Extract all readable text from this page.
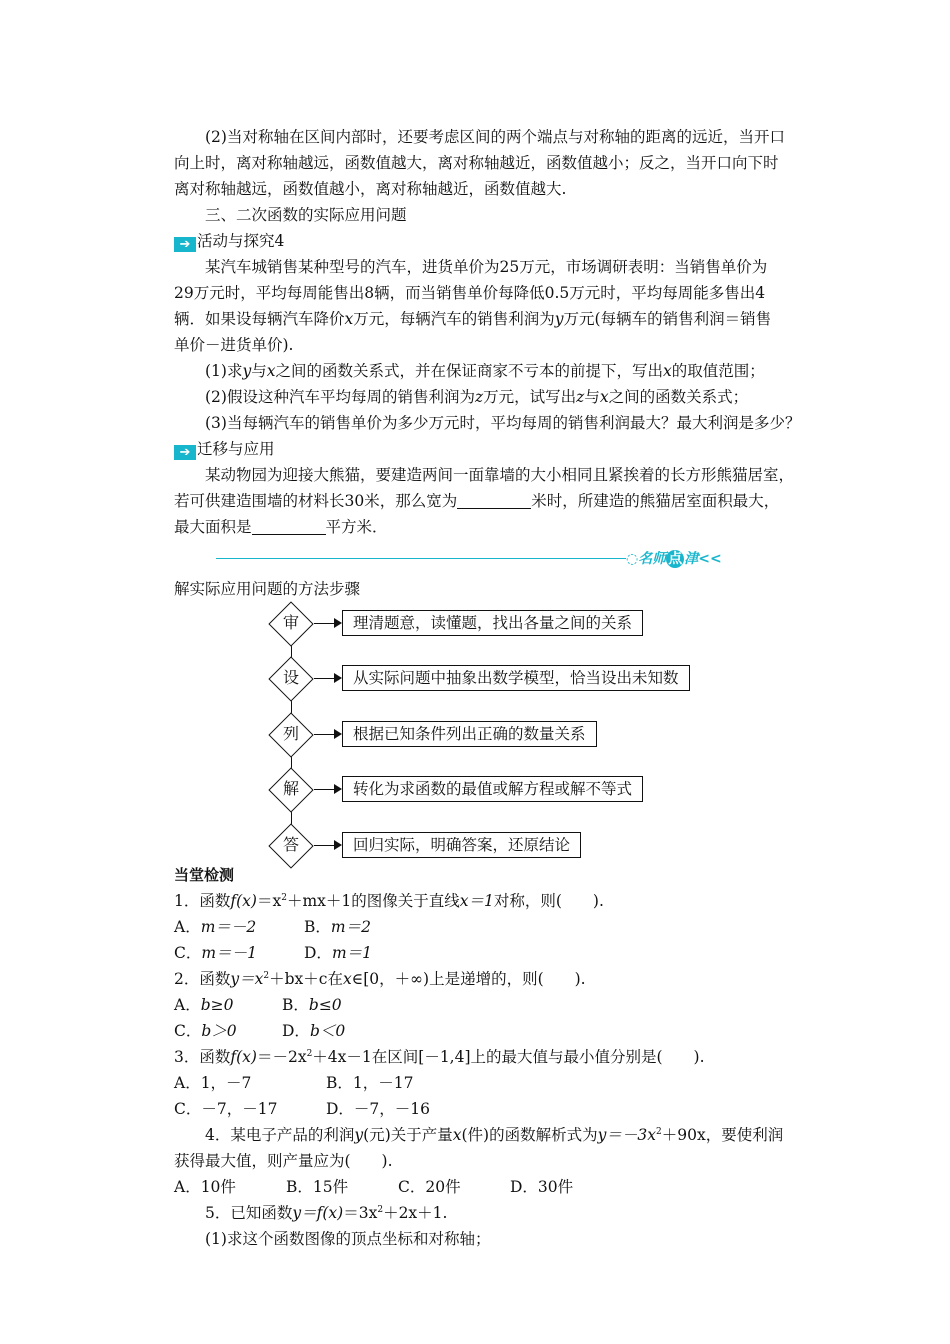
(2)当对称轴在区间内部时，还要考虑区间的两个端点与对称轴的距离的远近，当开口
向上时，离对称轴越远，函数值越大，离对称轴越近，函数值越小；反之，当开口向下时
离对称轴越远，函数值越小，离对称轴越近，函数值越大.
三、二次函数的实际应用问题
➔ 活动与探究4
某汽车城销售某种型号的汽车，进货单价为25万元，市场调研表明：当销售单价为
29万元时，平均每周能售出8辆，而当销售单价每降低0.5万元时，平均每周能多售出4
辆．如果设每辆汽车降价x万元，每辆汽车的销售利润为y万元(每辆车的销售利润＝销售
单价－进货单价).
(1)求y与x之间的函数关系式，并在保证商家不亏本的前提下，写出x的取值范围；
(2)假设这种汽车平均每周的销售利润为z万元，试写出z与x之间的函数关系式；
(3)当每辆汽车的销售单价为多少万元时，平均每周的销售利润最大？最大利润是多少？
➔ 迁移与应用
某动物园为迎接大熊猫，要建造两间一面靠墙的大小相同且紧挨着的长方形熊猫居室，
若可供建造围墙的材料长30米，那么宽为	米时，所建造的熊猫居室面积最大，
最大面积是	平方米．
◌名师 点 津<<
解实际应用问题的方法步骤
审	理清题意，读懂题，找出各量之间的关系
设	从实际问题中抽象出数学模型，恰当设出未知数
列	根据已知条件列出正确的数量关系
解	转化为求函数的最值或解方程或解不等式
答	回归实际，明确答案，还原结论
当堂检测
1．函数$f(x)=x^2+mx+1$的图像关于直线x＝1对称，则(　　).
A．m＝－2	B．m＝2
C．m＝－1	D．m＝1
2．函数$y=x^2+bx+c$在x∈[0，＋∞)上是递增的，则(　　).
A．b≥0	B．b≤0
C．b＞0	D．b＜0
3．函数$f(x)=-2x^2+4x-1$在区间[－1,4]上的最大值与最小值分别是(　　).
A．1，－7	B．1，－17
C．－7，－17	D．－7，－16
4．某电子产品的利润y(元)关于产量x(件)的函数解析式为$y=-3x^2+90x$，要使利润
获得最大值，则产量应为(　　).
A．10件	B．15件	C．20件	D．30件
5．已知函数$y=f(x)=3x^2+2x+1$.
(1)求这个函数图像的顶点坐标和对称轴；
